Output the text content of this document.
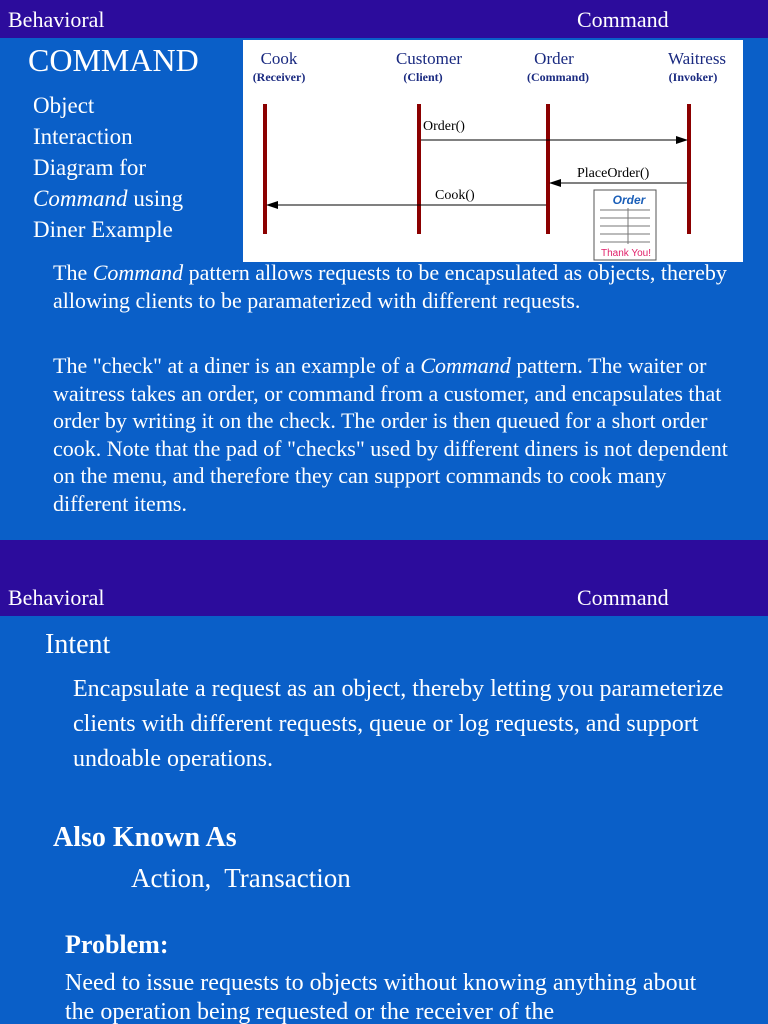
Behavioral	Command
COMMAND
Object
Interaction
Diagram for
Command using
Diner Example
Cook
(Receiver)
Customer
(Client)
Order
(Command)
Waitress
(Invoker)
Order()
PlaceOrder()
Cook()	Order
Thank You!

The Command pattern allows requests to be encapsulated as objects, thereby allowing clients to be paramaterized with different requests.

The "check" at a diner is an example of a Command pattern. The waiter or waitress takes an order, or command from a customer, and encapsulates that order by writing it on the check. The order is then queued for a short order cook. Note that the pad of "checks" used by different diners is not dependent on the menu, and therefore they can support commands to cook many different items.

Behavioral	Command
Intent

Encapsulate a request as an object, thereby letting you parameterize clients with different requests, queue or log requests, and support undoable operations.

Also Known As
Action,  Transaction
Problem:

Need to issue requests to objects without knowing anything about the operation being requested or the receiver of the
